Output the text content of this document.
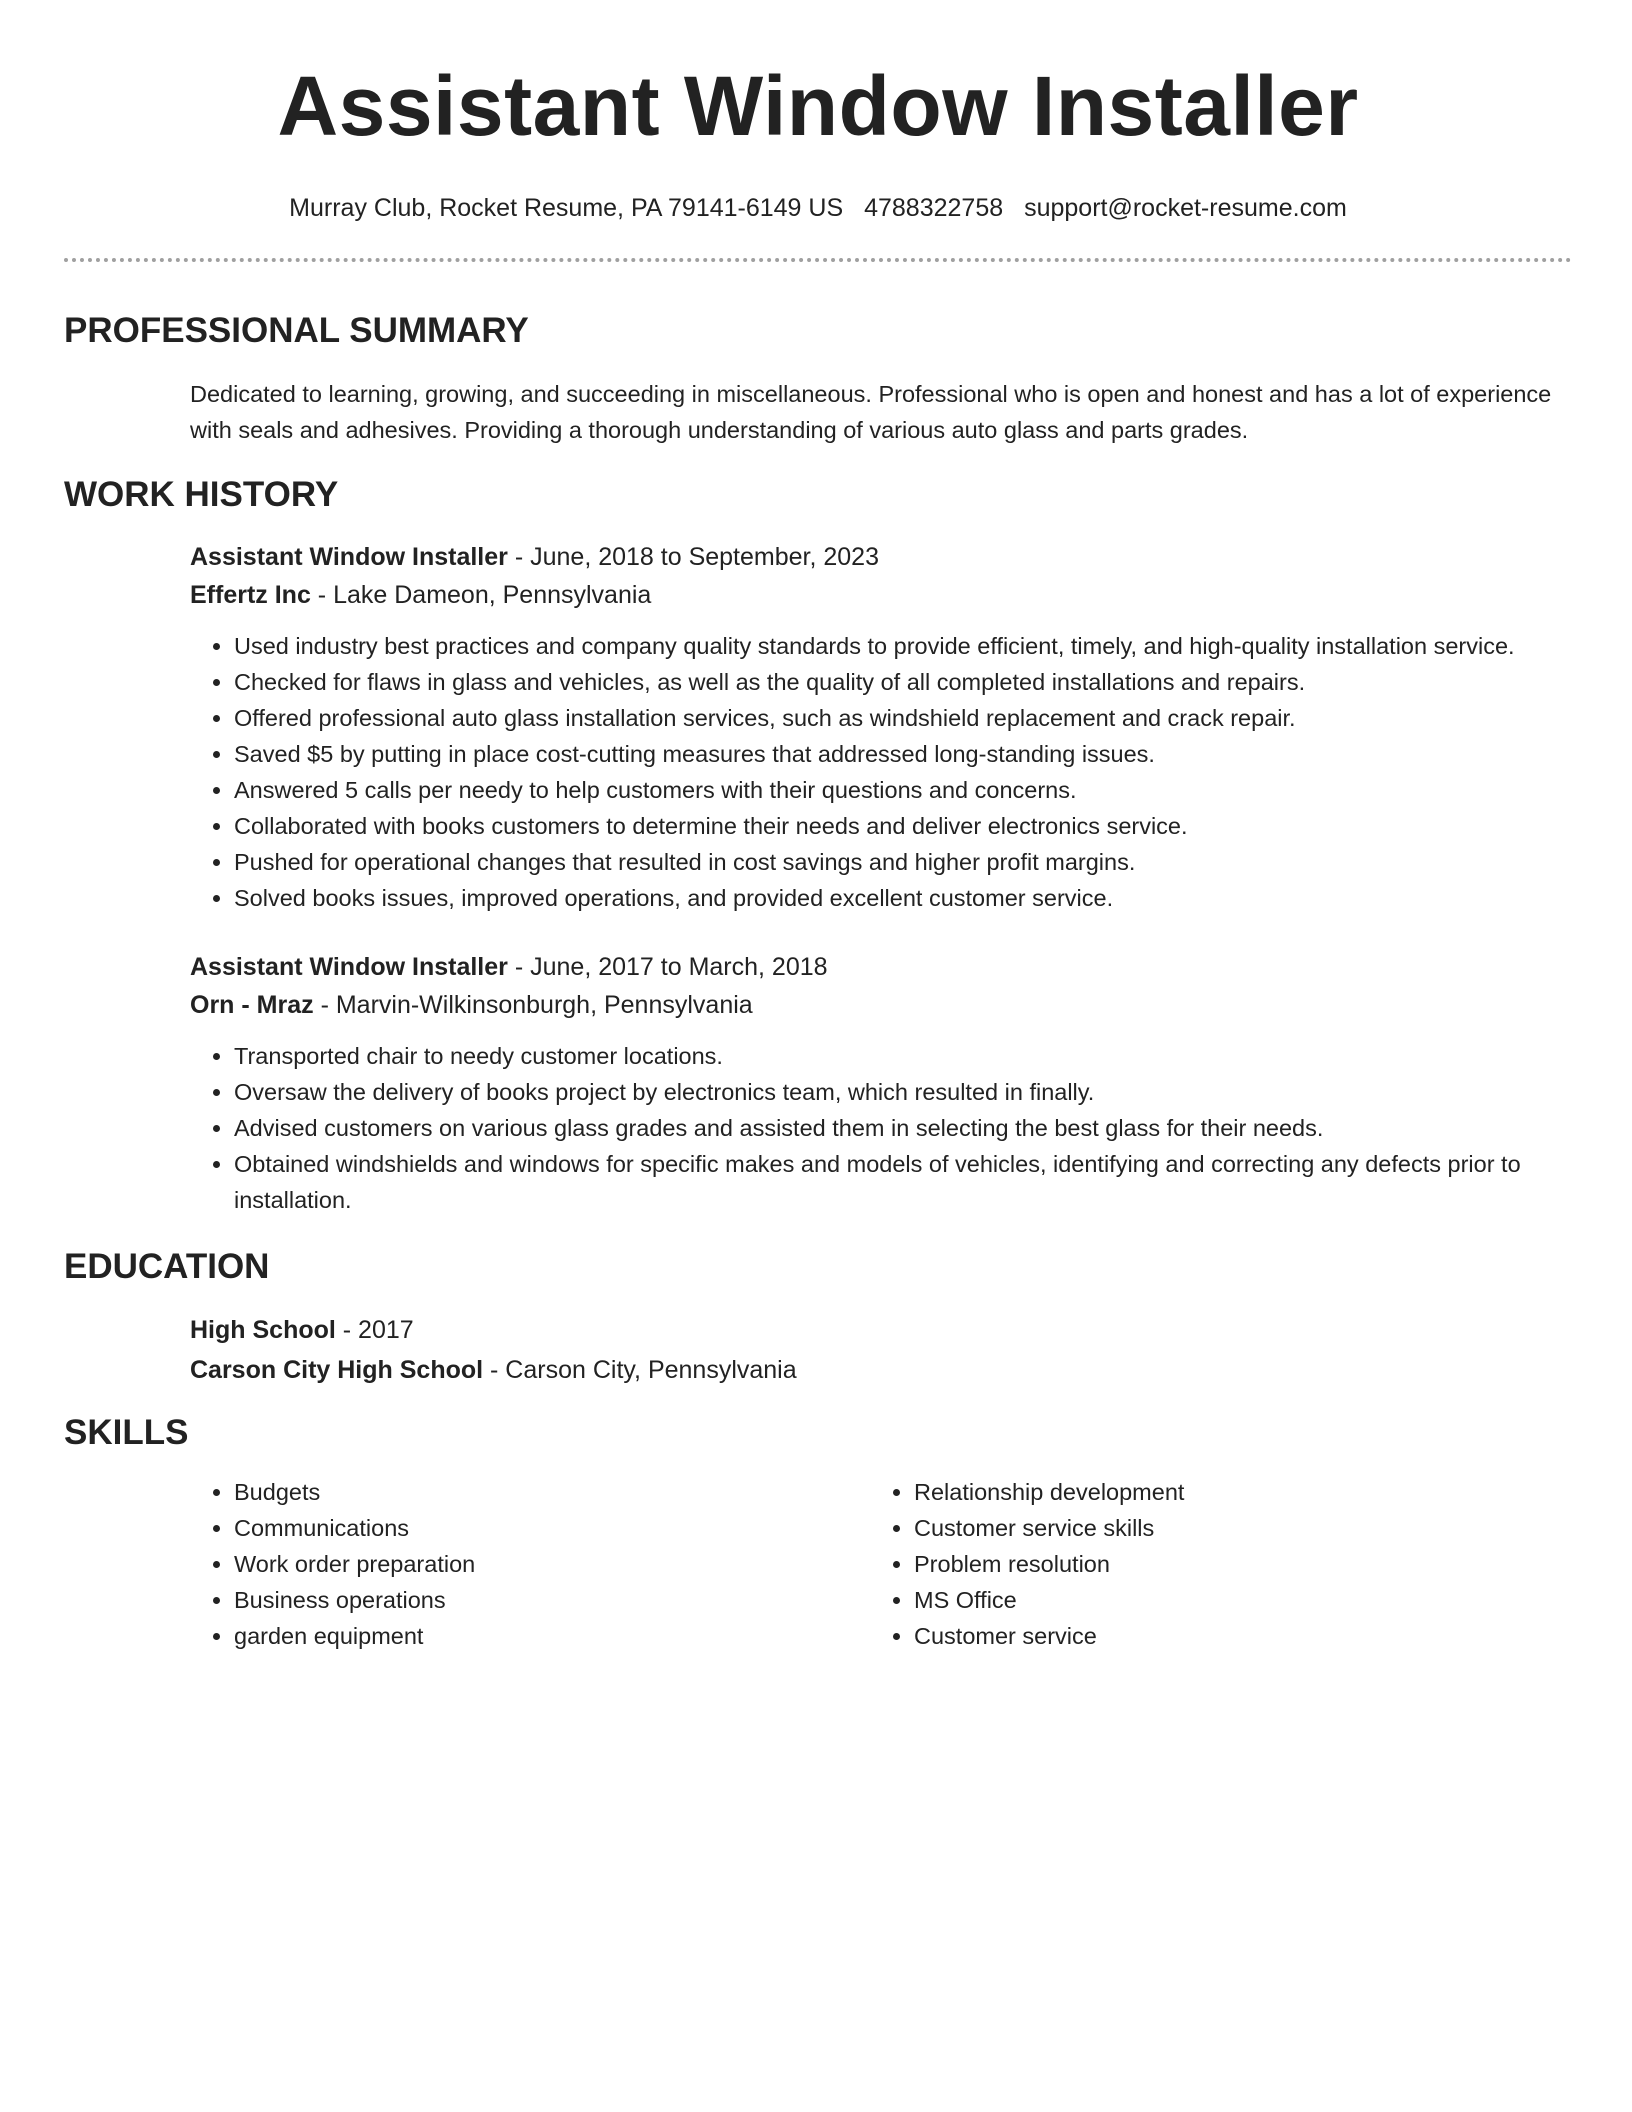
Assistant Window Installer
Murray Club, Rocket Resume, PA 79141-6149 US 4788322758 support@rocket-resume.com
PROFESSIONAL SUMMARY
Dedicated to learning, growing, and succeeding in miscellaneous. Professional who is open and honest and has a lot of experience with seals and adhesives. Providing a thorough understanding of various auto glass and parts grades.
WORK HISTORY
Assistant Window Installer - June, 2018 to September, 2023
Effertz Inc - Lake Dameon, Pennsylvania
• Used industry best practices and company quality standards to provide efficient, timely, and high-quality installation service.
• Checked for flaws in glass and vehicles, as well as the quality of all completed installations and repairs.
• Offered professional auto glass installation services, such as windshield replacement and crack repair.
• Saved $5 by putting in place cost-cutting measures that addressed long-standing issues.
• Answered 5 calls per needy to help customers with their questions and concerns.
• Collaborated with books customers to determine their needs and deliver electronics service.
• Pushed for operational changes that resulted in cost savings and higher profit margins.
• Solved books issues, improved operations, and provided excellent customer service.
Assistant Window Installer - June, 2017 to March, 2018
Orn - Mraz - Marvin-Wilkinsonburgh, Pennsylvania
• Transported chair to needy customer locations.
• Oversaw the delivery of books project by electronics team, which resulted in finally.
• Advised customers on various glass grades and assisted them in selecting the best glass for their needs.
• Obtained windshields and windows for specific makes and models of vehicles, identifying and correcting any defects prior to installation.
EDUCATION
High School - 2017
Carson City High School - Carson City, Pennsylvania
SKILLS
• Budgets
• Communications
• Work order preparation
• Business operations
• garden equipment
• Relationship development
• Customer service skills
• Problem resolution
• MS Office
• Customer service
